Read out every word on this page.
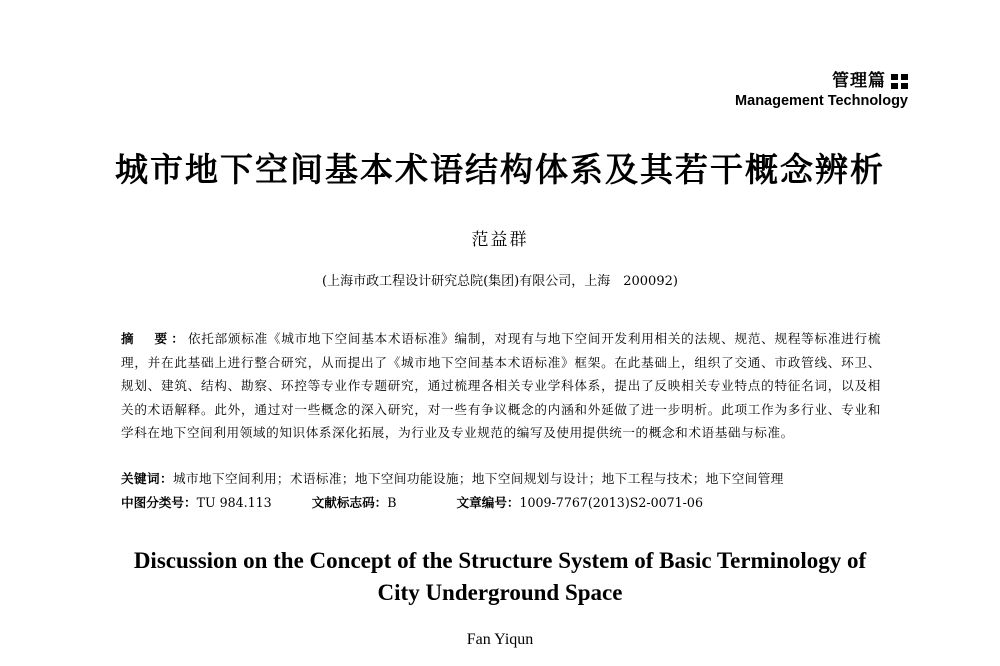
管理篇
Management Technology
城市地下空间基本术语结构体系及其若干概念辨析
范益群
(上海市政工程设计研究总院(集团)有限公司，上海　200092)
摘　要：依托部颁标准《城市地下空间基本术语标准》编制，对现有与地下空间开发利用相关的法规、规范、规程等标准进行梳理，并在此基础上进行整合研究，从而提出了《城市地下空间基本术语标准》框架。在此基础上，组织了交通、市政管线、环卫、规划、建筑、结构、勘察、环控等专业作专题研究，通过梳理各相关专业学科体系，提出了反映相关专业特点的特征名词，以及相关的术语解释。此外，通过对一些概念的深入研究，对一些有争议概念的内涵和外延做了进一步明析。此项工作为多行业、专业和学科在地下空间利用领域的知识体系深化拓展，为行业及专业规范的编写及使用提供统一的概念和术语基础与标准。
关键词：城市地下空间利用；术语标准；地下空间功能设施；地下空间规划与设计；地下工程与技术；地下空间管理
中图分类号：TU 984.113	文献标志码：B	文章编号：1009-7767(2013)S2-0071-06
Discussion on the Concept of the Structure System of Basic Terminology of
City Underground Space
Fan Yiqun
